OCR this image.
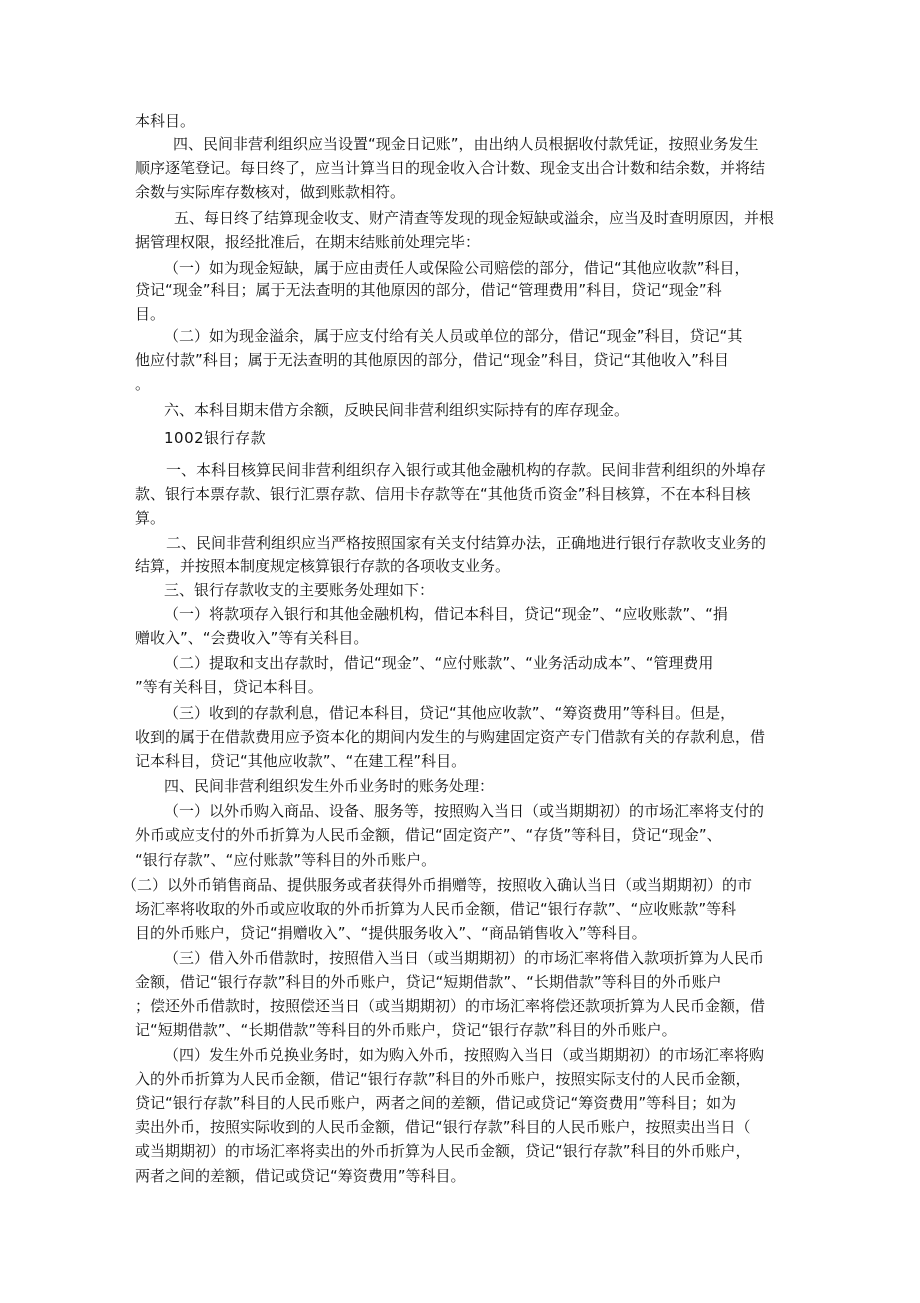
本科目。
四、民间非营利组织应当设置“现金日记账”，由出纳人员根据收付款凭证，按照业务发生
顺序逐笔登记。每日终了，应当计算当日的现金收入合计数、现金支出合计数和结余数，并将结
余数与实际库存数核对，做到账款相符。
五、每日终了结算现金收支、财产清查等发现的现金短缺或溢余，应当及时查明原因，并根
据管理权限，报经批准后，在期末结账前处理完毕：
（一）如为现金短缺，属于应由责任人或保险公司赔偿的部分，借记“其他应收款”科目，
贷记“现金”科目；属于无法查明的其他原因的部分，借记“管理费用”科目，贷记“现金”科
目。
（二）如为现金溢余，属于应支付给有关人员或单位的部分，借记“现金”科目，贷记“其
他应付款”科目；属于无法查明的其他原因的部分，借记“现金”科目，贷记“其他收入”科目
。
六、本科目期末借方余额，反映民间非营利组织实际持有的库存现金。
1002银行存款
一、本科目核算民间非营利组织存入银行或其他金融机构的存款。民间非营利组织的外埠存
款、银行本票存款、银行汇票存款、信用卡存款等在“其他货币资金”科目核算，不在本科目核
算。
二、民间非营利组织应当严格按照国家有关支付结算办法，正确地进行银行存款收支业务的
结算，并按照本制度规定核算银行存款的各项收支业务。
三、银行存款收支的主要账务处理如下：
（一）将款项存入银行和其他金融机构，借记本科目，贷记“现金”、“应收账款”、“捐
赠收入”、“会费收入”等有关科目。
（二）提取和支出存款时，借记“现金”、“应付账款”、“业务活动成本”、“管理费用
”等有关科目，贷记本科目。
（三）收到的存款利息，借记本科目，贷记“其他应收款”、“筹资费用”等科目。但是，
收到的属于在借款费用应予资本化的期间内发生的与购建固定资产专门借款有关的存款利息，借
记本科目，贷记“其他应收款”、“在建工程”科目。
四、民间非营利组织发生外币业务时的账务处理：
（一）以外币购入商品、设备、服务等，按照购入当日（或当期期初）的市场汇率将支付的
外币或应支付的外币折算为人民币金额，借记“固定资产”、“存货”等科目，贷记“现金”、
“银行存款”、“应付账款”等科目的外币账户。
（二）以外币销售商品、提供服务或者获得外币捐赠等，按照收入确认当日（或当期期初）的市
场汇率将收取的外币或应收取的外币折算为人民币金额，借记“银行存款”、“应收账款”等科
目的外币账户，贷记“捐赠收入”、“提供服务收入”、“商品销售收入”等科目。
（三）借入外币借款时，按照借入当日（或当期期初）的市场汇率将借入款项折算为人民币
金额，借记“银行存款”科目的外币账户，贷记“短期借款”、“长期借款”等科目的外币账户
；偿还外币借款时，按照偿还当日（或当期期初）的市场汇率将偿还款项折算为人民币金额，借
记“短期借款”、“长期借款”等科目的外币账户，贷记“银行存款”科目的外币账户。
（四）发生外币兑换业务时，如为购入外币，按照购入当日（或当期期初）的市场汇率将购
入的外币折算为人民币金额，借记“银行存款”科目的外币账户，按照实际支付的人民币金额，
贷记“银行存款”科目的人民币账户，两者之间的差额，借记或贷记“筹资费用”等科目；如为
卖出外币，按照实际收到的人民币金额，借记“银行存款”科目的人民币账户，按照卖出当日（
或当期期初）的市场汇率将卖出的外币折算为人民币金额，贷记“银行存款”科目的外币账户，
两者之间的差额，借记或贷记“筹资费用”等科目。
